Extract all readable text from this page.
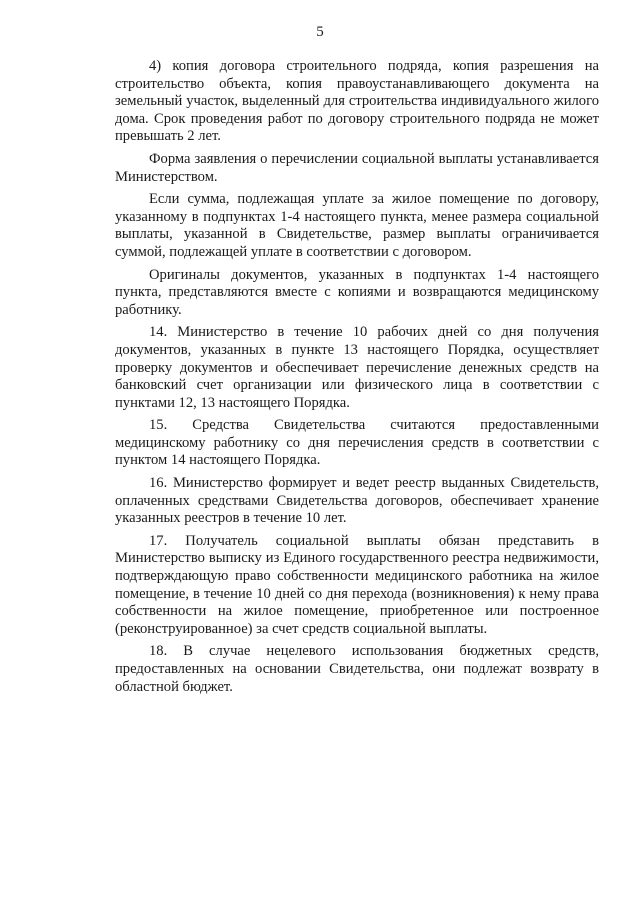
5

4) копия договора строительного подряда, копия разрешения на строительство объекта, копия правоустанавливающего документа на земельный участок, выделенный для строительства индивидуального жилого дома. Срок проведения работ по договору строительного подряда не может превышать 2 лет.

Форма заявления о перечислении социальной выплаты устанавливается Министерством.

Если сумма, подлежащая уплате за жилое помещение по договору, указанному в подпунктах 1-4 настоящего пункта, менее размера социальной выплаты, указанной в Свидетельстве, размер выплаты ограничивается суммой, подлежащей уплате в соответствии с договором.

Оригиналы документов, указанных в подпунктах 1-4 настоящего пункта, представляются вместе с копиями и возвращаются медицинскому работнику.

14. Министерство в течение 10 рабочих дней со дня получения документов, указанных в пункте 13 настоящего Порядка, осуществляет проверку документов и обеспечивает перечисление денежных средств на банковский счет организации или физического лица в соответствии с пунктами 12, 13 настоящего Порядка.

15. Средства Свидетельства считаются предоставленными медицинскому работнику со дня перечисления средств в соответствии с пунктом 14 настоящего Порядка.

16. Министерство формирует и ведет реестр выданных Свидетельств, оплаченных средствами Свидетельства договоров, обеспечивает хранение указанных реестров в течение 10 лет.

17. Получатель социальной выплаты обязан представить в Министерство выписку из Единого государственного реестра недвижимости, подтверждающую право собственности медицинского работника на жилое помещение, в течение 10 дней со дня перехода (возникновения) к нему права собственности на жилое помещение, приобретенное или построенное (реконструированное) за счет средств социальной выплаты.

18. В случае нецелевого использования бюджетных средств, предоставленных на основании Свидетельства, они подлежат возврату в областной бюджет.
